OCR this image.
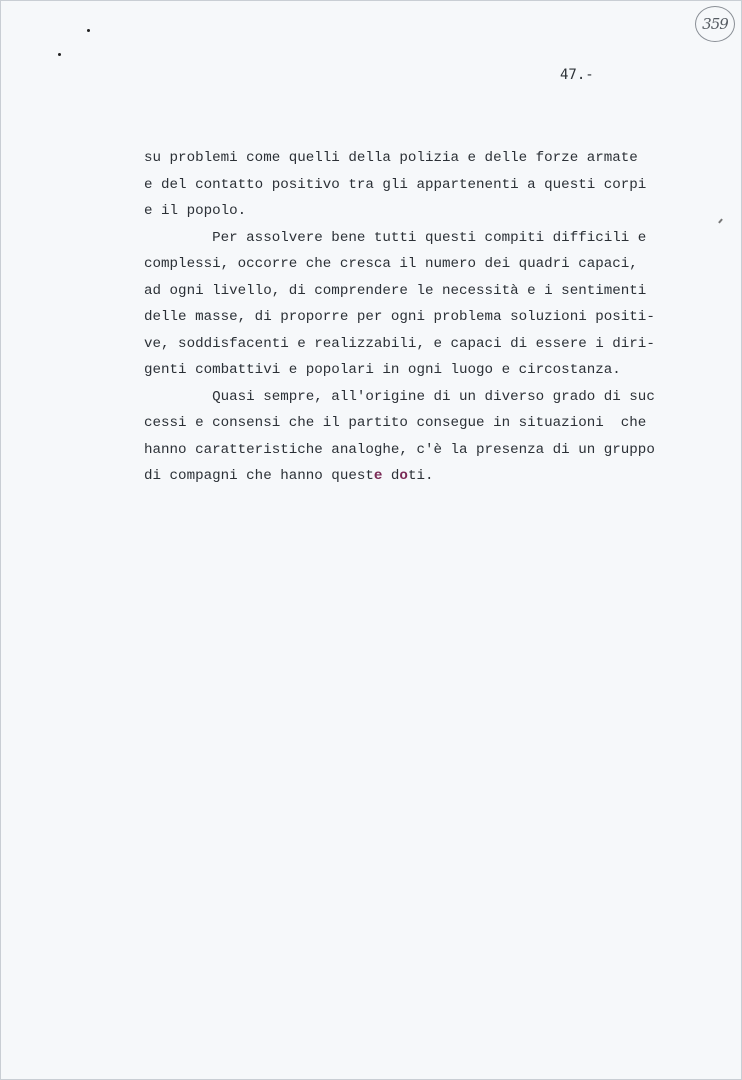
359
47.-
su problemi come quelli della polizia e delle forze armate
e del contatto positivo tra gli appartenenti a questi corpi
e il popolo.
Per assolvere bene tutti questi compiti difficili e
complessi, occorre che cresca il numero dei quadri capaci,
ad ogni livello, di comprendere le necessità e i sentimenti
delle masse, di proporre per ogni problema soluzioni positi-
ve, soddisfacenti e realizzabili, e capaci di essere i diri-
genti combattivi e popolari in ogni luogo e circostanza.
Quasi sempre, all'origine di un diverso grado di suc
cessi e consensi che il partito consegue in situazioni  che
hanno caratteristiche analoghe, c'è la presenza di un gruppo
di compagni che hanno queste doti.
